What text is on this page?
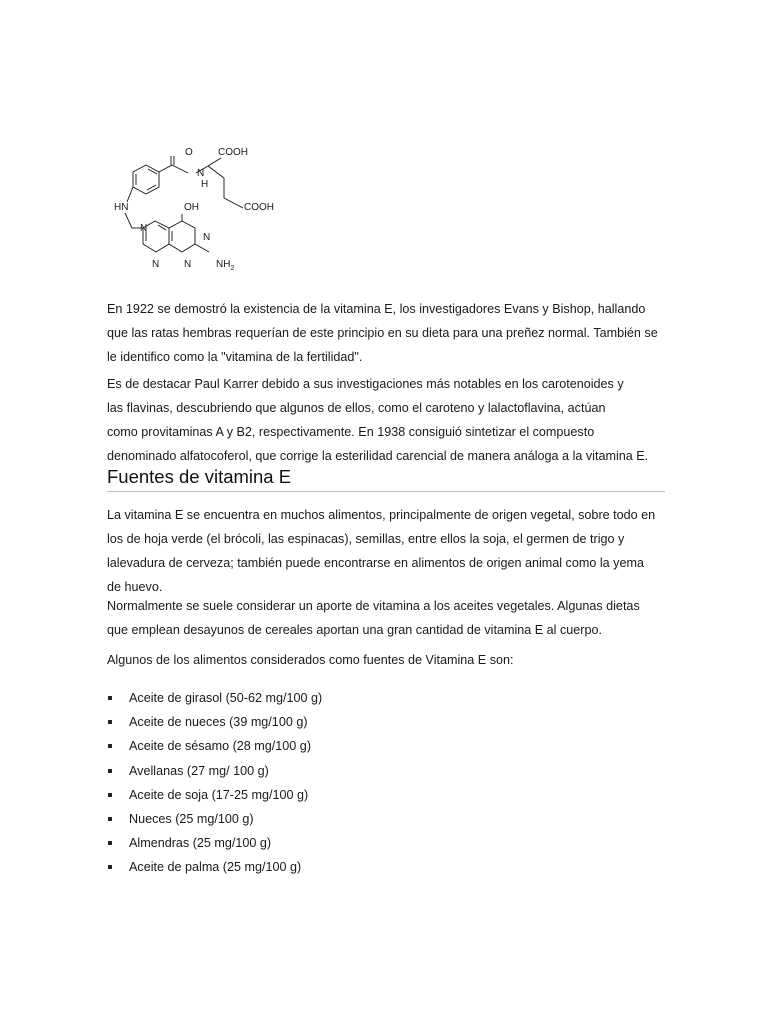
O	COOH
N
H
COOH
HN	OH
N
N
N N $NH_2$
En 1922 se demostró la existencia de la vitamina E, los investigadores Evans y Bishop, hallando
que las ratas hembras requerían de este principio en su dieta para una preñez normal. También se
le identifico como la "vitamina de la fertilidad".
Es de destacar Paul Karrer debido a sus investigaciones más notables en los carotenoides y
las flavinas, descubriendo que algunos de ellos, como el caroteno y lalactoflavina, actúan
como provitaminas A y B2, respectivamente. En 1938 consiguió sintetizar el compuesto
denominado alfatocoferol, que corrige la esterilidad carencial de manera análoga a la vitamina E.
Fuentes de vitamina E
La vitamina E se encuentra en muchos alimentos, principalmente de origen vegetal, sobre todo en
los de hoja verde (el brócoli, las espinacas), semillas, entre ellos la soja, el germen de trigo y
lalevadura de cerveza; también puede encontrarse en alimentos de origen animal como la yema
de huevo.
Normalmente se suele considerar un aporte de vitamina a los aceites vegetales. Algunas dietas
que emplean desayunos de cereales aportan una gran cantidad de vitamina E al cuerpo.
Algunos de los alimentos considerados como fuentes de Vitamina E son:
Aceite de girasol (50-62 mg/100 g)
Aceite de nueces (39 mg/100 g)
Aceite de sésamo (28 mg/100 g)
Avellanas (27 mg/ 100 g)
Aceite de soja (17-25 mg/100 g)
Nueces (25 mg/100 g)
Almendras (25 mg/100 g)
Aceite de palma (25 mg/100 g)
